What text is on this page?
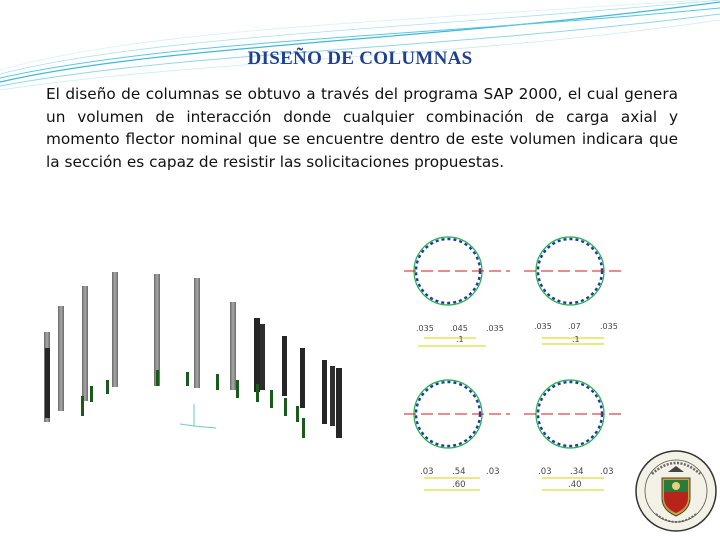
DISEÑO DE COLUMNAS
El diseño de columnas se obtuvo a través del programa SAP 2000, el cual genera un volumen de interacción donde cualquier combinación de carga axial y momento flector nominal que se encuentre dentro de este volumen indicara que la sección es capaz de resistir las solicitaciones propuestas.
.035 .045 .035
.1
.035 .07 .035
.1
.03 .54 .03
.60
.03 .34 .03
.40
